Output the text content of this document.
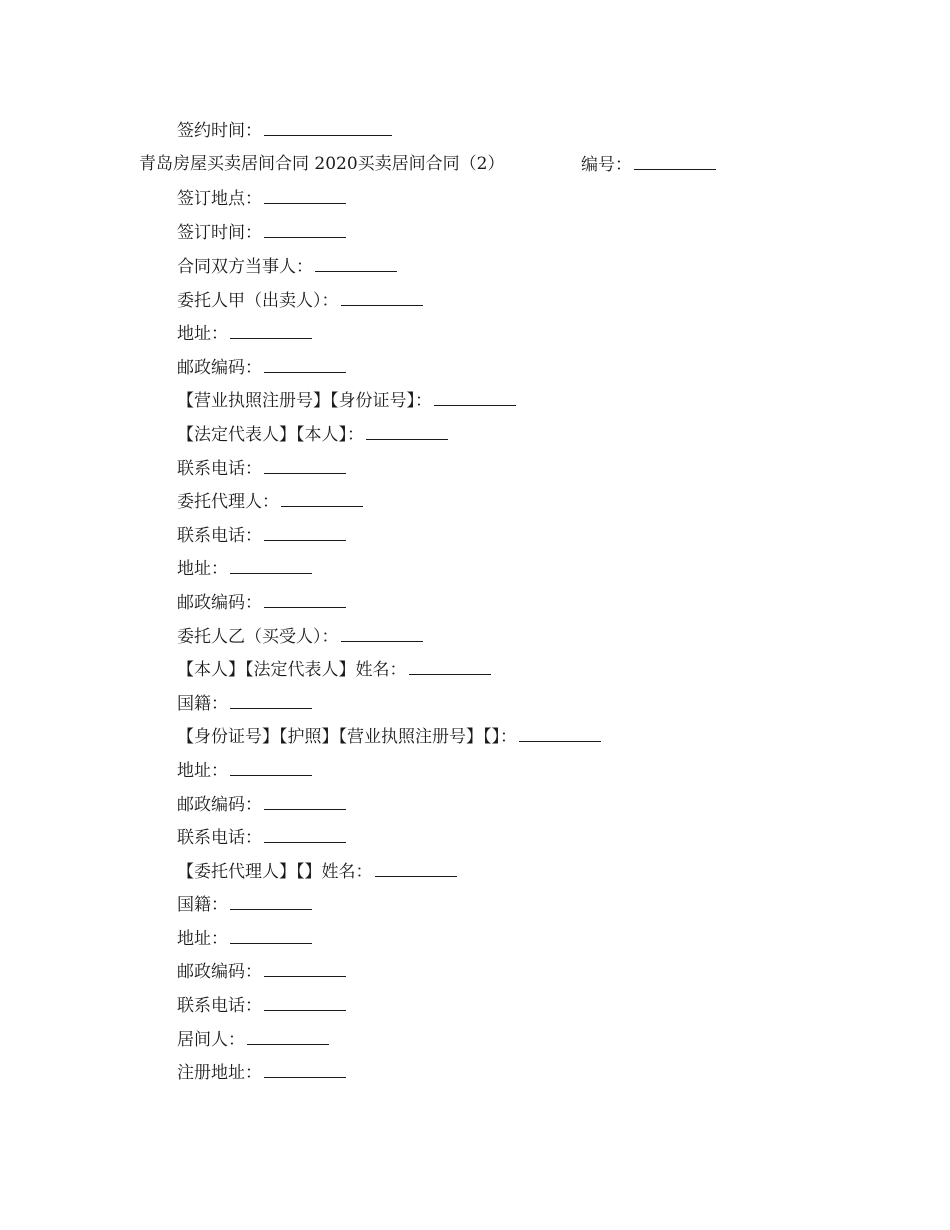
签约时间：
青岛房屋买卖居间合同 2020买卖居间合同（2）	编号：
签订地点：
签订时间：
合同双方当事人：
委托人甲（出卖人）：
地址：
邮政编码：
【营业执照注册号】【身份证号】：
【法定代表人】【本人】：
联系电话：
委托代理人：
联系电话：
地址：
邮政编码：
委托人乙（买受人）：
【本人】【法定代表人】姓名：
国籍：
【身份证号】【护照】【营业执照注册号】【】：
地址：
邮政编码：
联系电话：
【委托代理人】【】姓名：
国籍：
地址：
邮政编码：
联系电话：
居间人：
注册地址：
